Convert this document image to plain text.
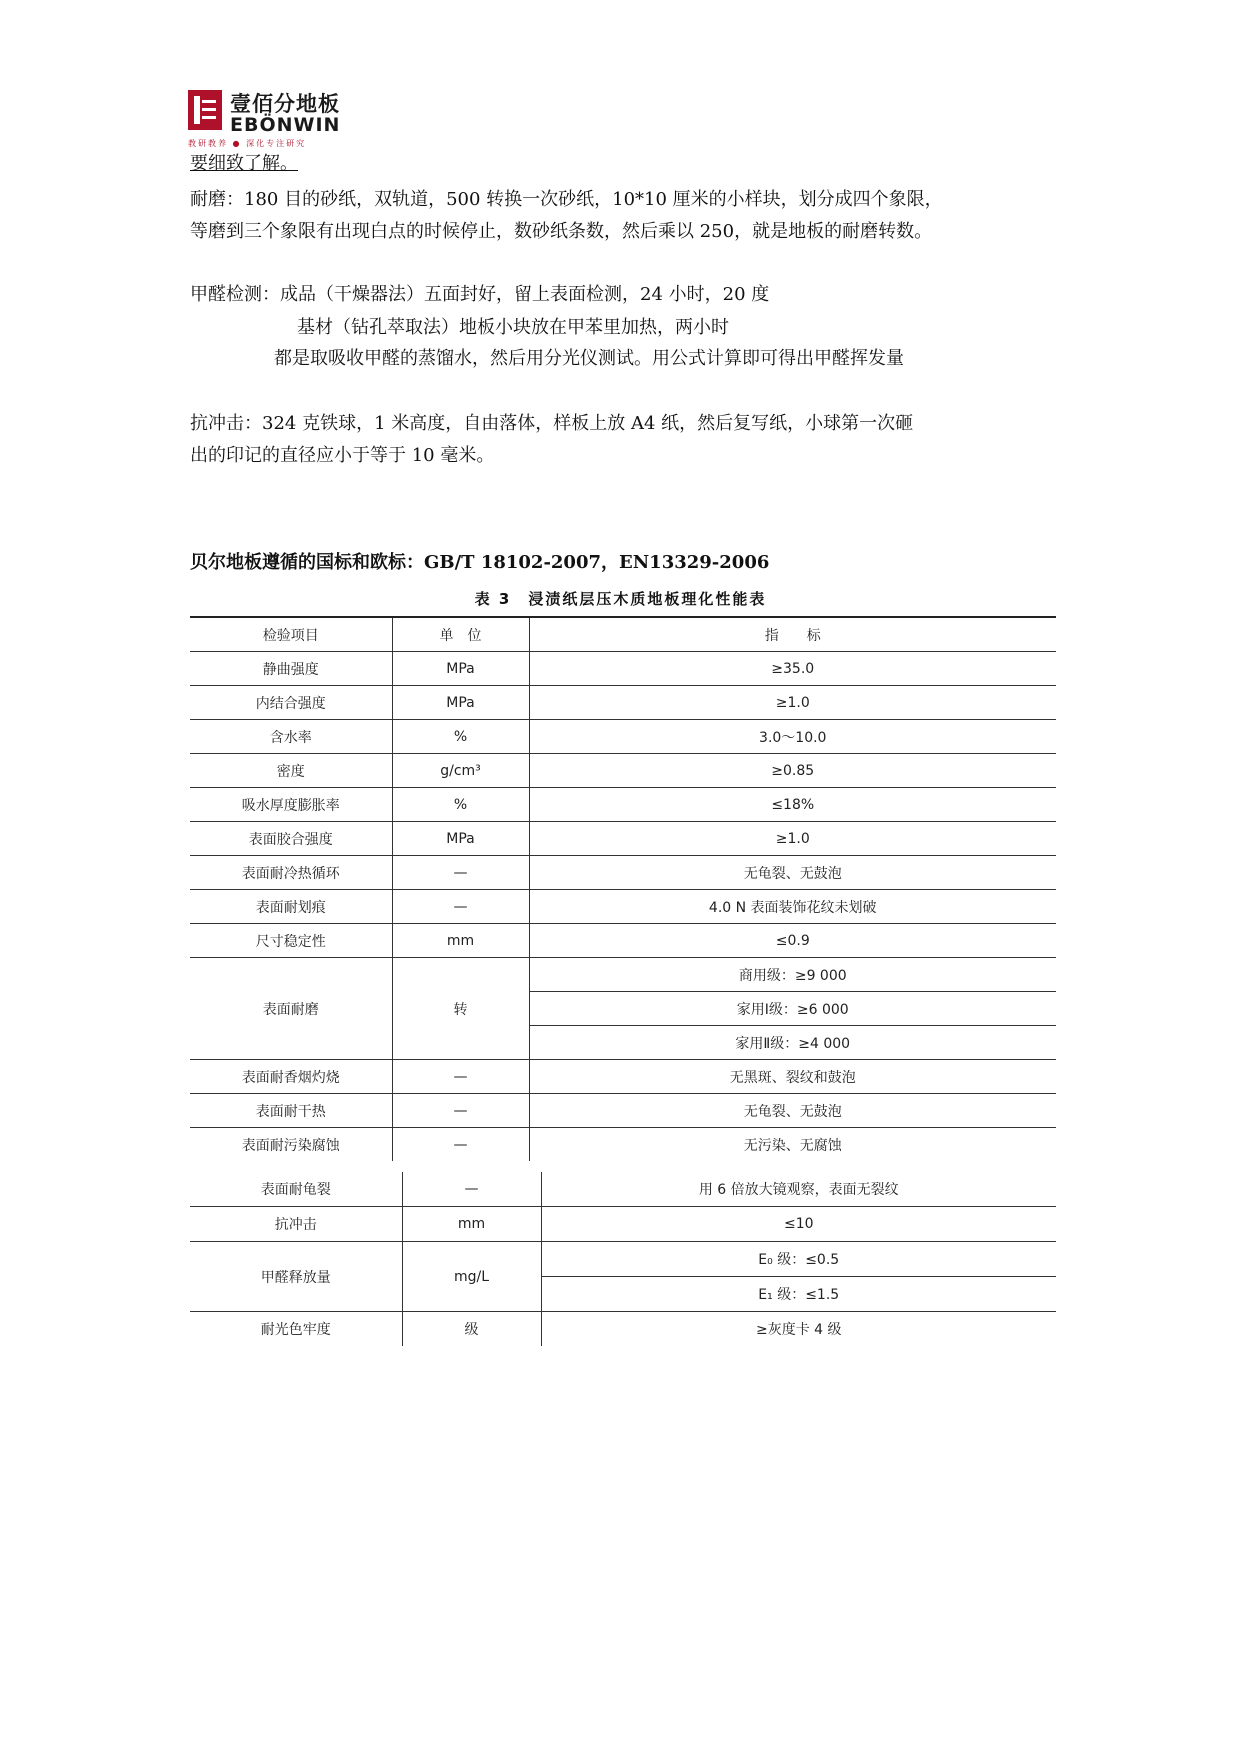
壹佰分地板
EBÖNWIN
教研教养 ● 深化专注研究
要细致了解。
耐磨：180 目的砂纸，双轨道，500 转换一次砂纸，10*10 厘米的小样块，划分成四个象限，
等磨到三个象限有出现白点的时候停止，数砂纸条数，然后乘以 250，就是地板的耐磨转数。
甲醛检测：成品（干燥器法）五面封好，留上表面检测，24 小时，20 度
基材（钻孔萃取法）地板小块放在甲苯里加热，两小时
都是取吸收甲醛的蒸馏水，然后用分光仪测试。用公式计算即可得出甲醛挥发量
抗冲击：324 克铁球，1 米高度，自由落体，样板上放 A4 纸，然后复写纸，小球第一次砸
出的印记的直径应小于等于 10 毫米。
贝尔地板遵循的国标和欧标：GB/T 18102-2007，EN13329-2006
表 3　浸渍纸层压木质地板理化性能表
检验项目	单　位	指　　标
静曲强度	MPa	≥35.0
内结合强度	MPa	≥1.0
含水率	%	3.0～10.0
密度	g/cm³	≥0.85
吸水厚度膨胀率	%	≤18%
表面胶合强度	MPa	≥1.0
表面耐冷热循环	—	无龟裂、无鼓泡
表面耐划痕	—	4.0 N 表面装饰花纹未划破
尺寸稳定性	mm	≤0.9
表面耐磨	转	商用级：≥9 000
		家用Ⅰ级：≥6 000
		家用Ⅱ级：≥4 000
表面耐香烟灼烧	—	无黑斑、裂纹和鼓泡
表面耐干热	—	无龟裂、无鼓泡
表面耐污染腐蚀	—	无污染、无腐蚀
表面耐龟裂	—	用 6 倍放大镜观察，表面无裂纹
抗冲击	mm	≤10
甲醛释放量	mg/L	E₀ 级：≤0.5
		E₁ 级：≤1.5
耐光色牢度	级	≥灰度卡 4 级
